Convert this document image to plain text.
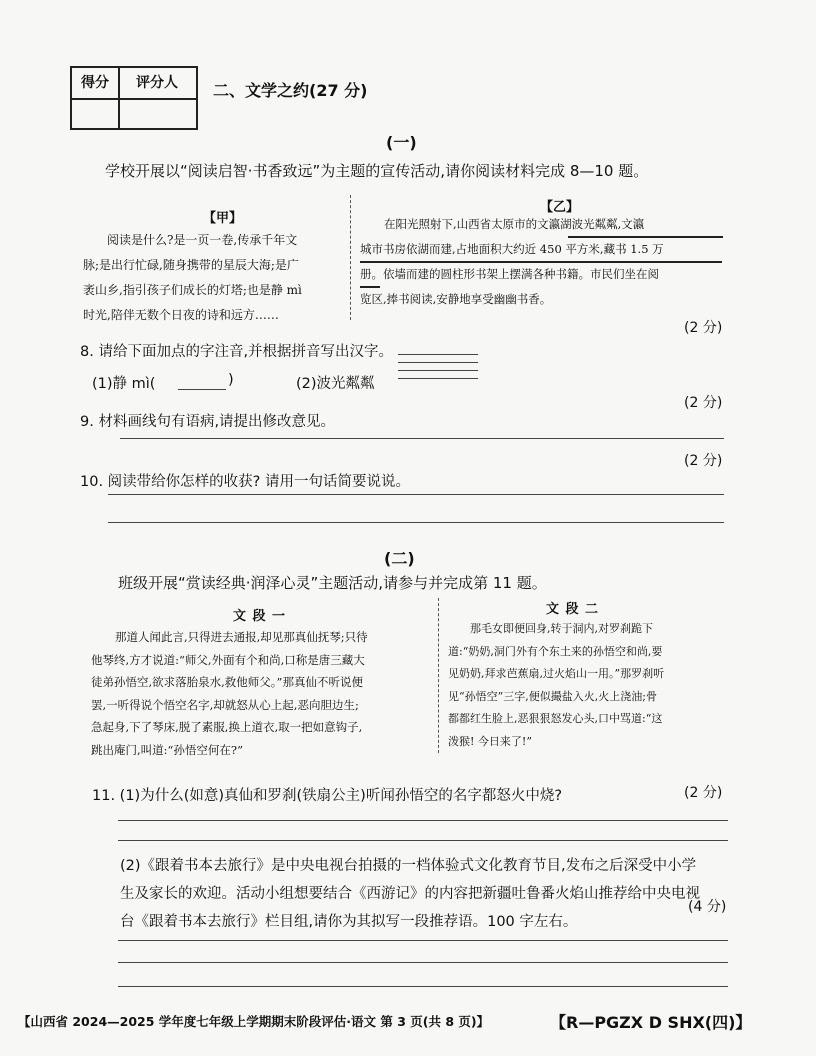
得分	评分人	二、文学之约(27 分)
(一)
学校开展以“阅读启智·书香致远”为主题的宣传活动,请你阅读材料完成 8—10 题。
【甲】
阅读是什么?是一页一卷,传承千年文
脉;是出行忙碌,随身携带的星辰大海;是广
袤山乡,指引孩子们成长的灯塔;也是静 mì
时光,陪伴无数个日夜的诗和远方……
【乙】
在阳光照射下,山西省太原市的文瀛湖波光粼粼,文瀛
城市书房依湖而建,占地面积大约近 450 平方米,藏书 1.5 万
册。依墙而建的圆柱形书架上摆满各种书籍。市民们坐在阅
览区,捧书阅读,安静地享受幽幽书香。
(2 分)
8. 请给下面加点的字注音,并根据拼音写出汉字。
(1)静 mì(	)	(2)波光粼粼
(2 分)
9. 材料画线句有语病,请提出修改意见。
(2 分)
10. 阅读带给你怎样的收获? 请用一句话简要说说。
(二)
班级开展“赏读经典·润泽心灵”主题活动,请参与并完成第 11 题。
文 段 一
那道人闻此言,只得进去通报,却见那真仙抚琴;只待
他琴终,方才说道:“师父,外面有个和尚,口称是唐三藏大
徒弟孙悟空,欲求落胎泉水,救他师父。”那真仙不听说便
罢,一听得说个悟空名字,却就怒从心上起,恶向胆边生;
急起身,下了琴床,脱了素服,换上道衣,取一把如意钩子,
跳出庵门,叫道:“孙悟空何在?”
文 段 二
那毛女即便回身,转于洞内,对罗刹跪下
道:“奶奶,洞门外有个东土来的孙悟空和尚,要
见奶奶,拜求芭蕉扇,过火焰山一用。”那罗刹听
见“孙悟空”三字,便似撮盐入火,火上浇油;骨
都都红生脸上,恶狠狠怒发心头,口中骂道:“这
泼猴! 今日来了!”
(2 分)
11. (1)为什么(如意)真仙和罗刹(铁扇公主)听闻孙悟空的名字都怒火中烧?
(2)《跟着书本去旅行》是中央电视台拍摄的一档体验式文化教育节目,发布之后深受中小学
生及家长的欢迎。活动小组想要结合《西游记》的内容把新疆吐鲁番火焰山推荐给中央电视
台《跟着书本去旅行》栏目组,请你为其拟写一段推荐语。100 字左右。
(4 分)
【山西省 2024—2025 学年度七年级上学期期末阶段评估·语文 第 3 页(共 8 页)】	【R—PGZX D SHX(四)】
